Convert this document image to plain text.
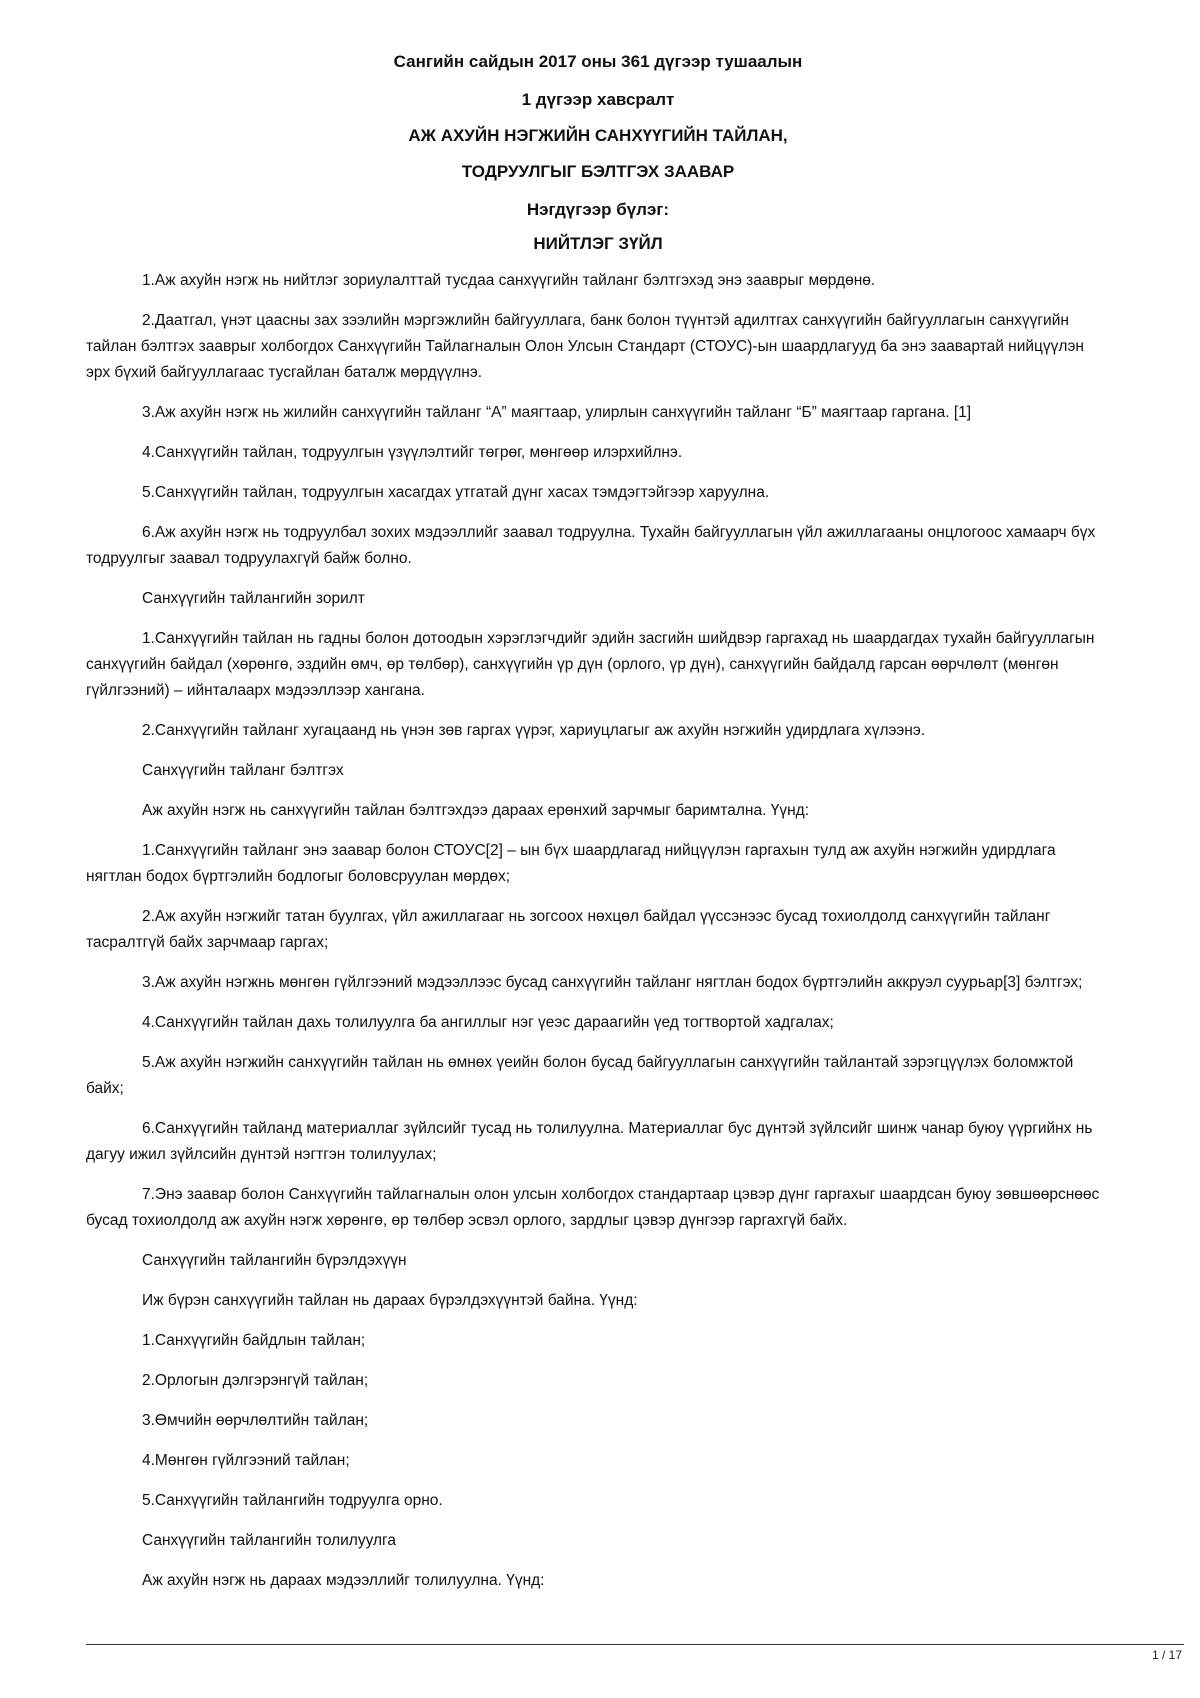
Сангийн сайдын 2017 оны 361 дүгээр тушаалын

1 дүгээр хавсралт

АЖ АХУЙН НЭГЖИЙН САНХҮҮГИЙН ТАЙЛАН,

ТОДРУУЛГЫГ БЭЛТГЭХ ЗААВАР

Нэгдүгээр бүлэг:

НИЙТЛЭГ ЗҮЙЛ

1.Аж ахуйн нэгж нь нийтлэг зориулалттай тусдаа санхүүгийн тайланг бэлтгэхэд энэ зааврыг мөрдөнө.

2.Даатгал, үнэт цаасны зах зээлийн мэргэжлийн байгууллага, банк болон түүнтэй адилтгах санхүүгийн байгууллагын санхүүгийн тайлан бэлтгэх зааврыг холбогдох Санхүүгийн Тайлагналын Олон Улсын Стандарт (СТОУС)-ын шаардлагууд ба энэ заавартай нийцүүлэн эрх бүхий байгууллагаас тусгайлан баталж мөрдүүлнэ.

3.Аж ахуйн нэгж нь жилийн санхүүгийн тайланг “А” маягтаар, улирлын санхүүгийн тайланг “Б” маягтаар гаргана. [1]

4.Санхүүгийн тайлан, тодруулгын үзүүлэлтийг төгрөг, мөнгөөр илэрхийлнэ.

5.Санхүүгийн тайлан, тодруулгын хасагдах утгатай дүнг хасах тэмдэгтэйгээр харуулна.

6.Аж ахуйн нэгж нь тодруулбал зохих мэдээллийг заавал тодруулна. Тухайн байгууллагын үйл ажиллагааны онцлогоос хамаарч бүх тодруулгыг заавал тодруулахгүй байж болно.

Санхүүгийн тайлангийн зорилт

1.Санхүүгийн тайлан нь гадны болон дотоодын хэрэглэгчдийг эдийн засгийн шийдвэр гаргахад нь шаардагдах тухайн байгууллагын санхүүгийн байдал (хөрөнгө, эздийн өмч, өр төлбөр), санхүүгийн үр дүн (орлого, үр дүн), санхүүгийн байдалд гарсан өөрчлөлт (мөнгөн гүйлгээний) – ийнталаарх мэдээллээр хангана.

2.Санхүүгийн тайланг хугацаанд нь үнэн зөв гаргах үүрэг, хариуцлагыг аж ахуйн нэгжийн удирдлага хүлээнэ.

Санхүүгийн тайланг бэлтгэх

Аж ахуйн нэгж нь санхүүгийн тайлан бэлтгэхдээ дараах ерөнхий зарчмыг баримтална. Үүнд:

1.Санхүүгийн тайланг энэ заавар болон СТОУС[2] – ын бүх шаардлагад нийцүүлэн гаргахын тулд аж ахуйн нэгжийн удирдлага нягтлан бодох бүртгэлийн бодлогыг боловсруулан мөрдөх;

2.Аж ахуйн нэгжийг татан буулгах, үйл ажиллагааг нь зогсоох нөхцөл байдал үүссэнээс бусад тохиолдолд санхүүгийн тайланг тасралтгүй байх зарчмаар гаргах;

3.Аж ахуйн нэгжнь мөнгөн гүйлгээний мэдээллээс бусад санхүүгийн тайланг нягтлан бодох бүртгэлийн аккруэл суурьар[3] бэлтгэх;

4.Санхүүгийн тайлан дахь толилуулга ба ангиллыг нэг үеэс дараагийн үед тогтвортой хадгалах;

5.Аж ахуйн нэгжийн санхүүгийн тайлан нь өмнөх үеийн болон бусад байгууллагын санхүүгийн тайлантай зэрэгцүүлэх боломжтой байх;

6.Санхүүгийн тайланд материаллаг зүйлсийг тусад нь толилуулна. Материаллаг бус дүнтэй зүйлсийг шинж чанар буюу үүргийнх нь дагуу ижил зүйлсийн дүнтэй нэгтгэн толилуулах;

7.Энэ заавар болон Санхүүгийн тайлагналын олон улсын холбогдох стандартаар цэвэр дүнг гаргахыг шаардсан буюу зөвшөөрснөөс бусад тохиолдолд аж ахуйн нэгж хөрөнгө, өр төлбөр эсвэл орлого, зардлыг цэвэр дүнгээр гаргахгүй байх.

Санхүүгийн тайлангийн бүрэлдэхүүн

Иж бүрэн санхүүгийн тайлан нь дараах бүрэлдэхүүнтэй байна. Үүнд:

1.Санхүүгийн байдлын тайлан;

2.Орлогын дэлгэрэнгүй тайлан;

3.Өмчийн өөрчлөлтийн тайлан;

4.Мөнгөн гүйлгээний тайлан;

5.Санхүүгийн тайлангийн тодруулга орно.

Санхүүгийн тайлангийн толилуулга

Аж ахуйн нэгж нь дараах мэдээллийг толилуулна. Үүнд:

1 / 17
